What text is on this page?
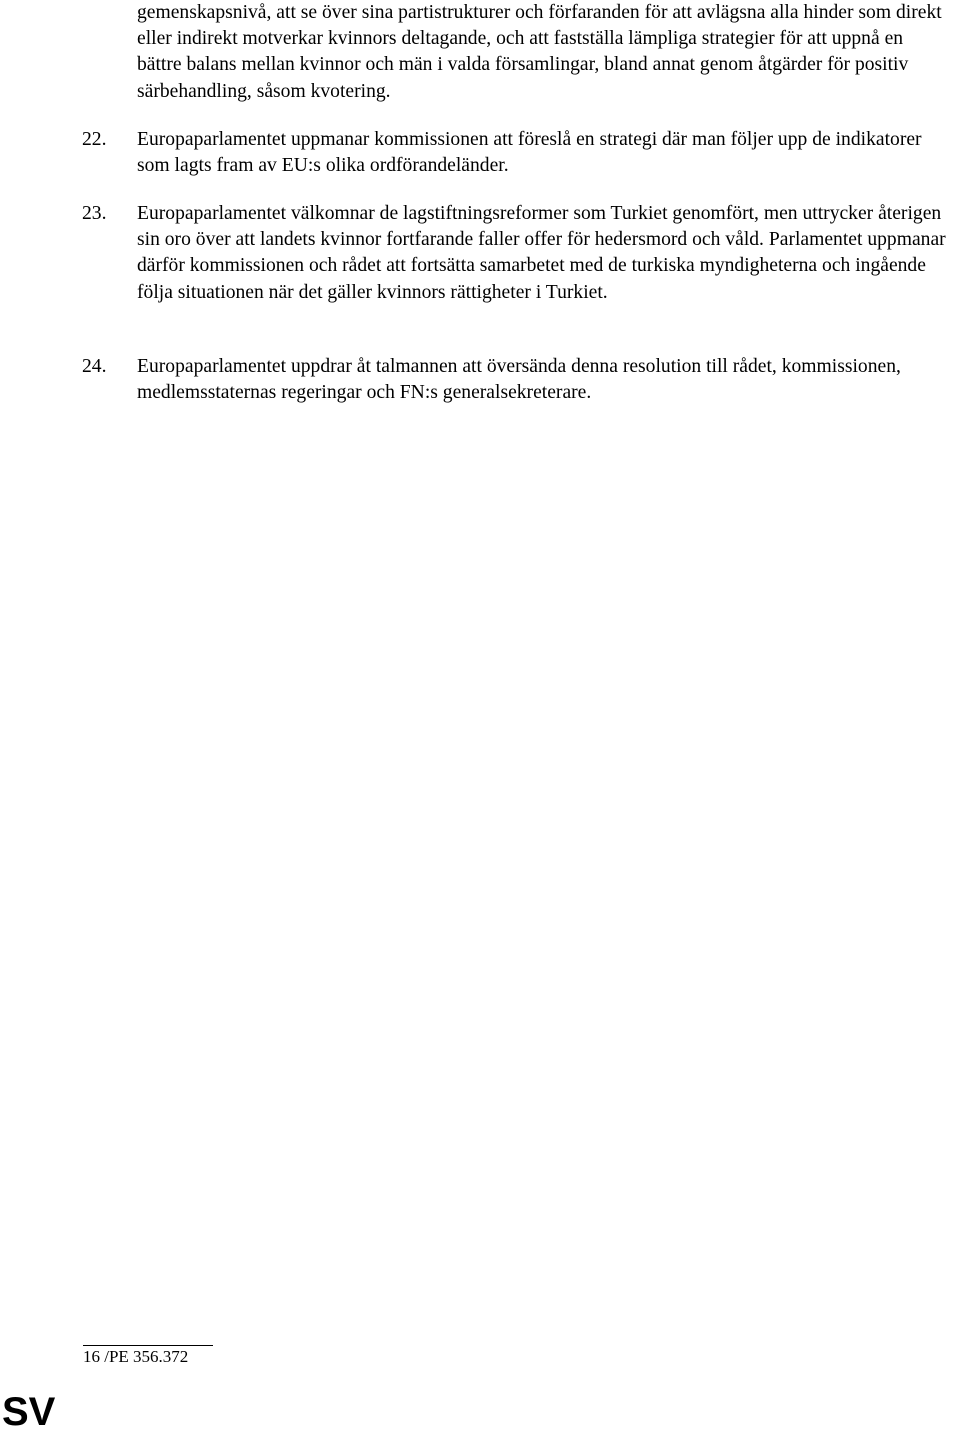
gemenskapsnivå, att se över sina partistrukturer och förfaranden för att avlägsna alla hinder som direkt eller indirekt motverkar kvinnors deltagande, och att fastställa lämpliga strategier för att uppnå en bättre balans mellan kvinnor och män i valda församlingar, bland annat genom åtgärder för positiv särbehandling, såsom kvotering.

22. Europaparlamentet uppmanar kommissionen att föreslå en strategi där man följer upp de indikatorer som lagts fram av EU:s olika ordförandeländer.
23. Europaparlamentet välkomnar de lagstiftningsreformer som Turkiet genomfört, men uttrycker återigen sin oro över att landets kvinnor fortfarande faller offer för hedersmord och våld. Parlamentet uppmanar därför kommissionen och rådet att fortsätta samarbetet med de turkiska myndigheterna och ingående följa situationen när det gäller kvinnors rättigheter i Turkiet.
24. Europaparlamentet uppdrar åt talmannen att översända denna resolution till rådet, kommissionen, medlemsstaternas regeringar och FN:s generalsekreterare.
16 /PE 356.372
SV
